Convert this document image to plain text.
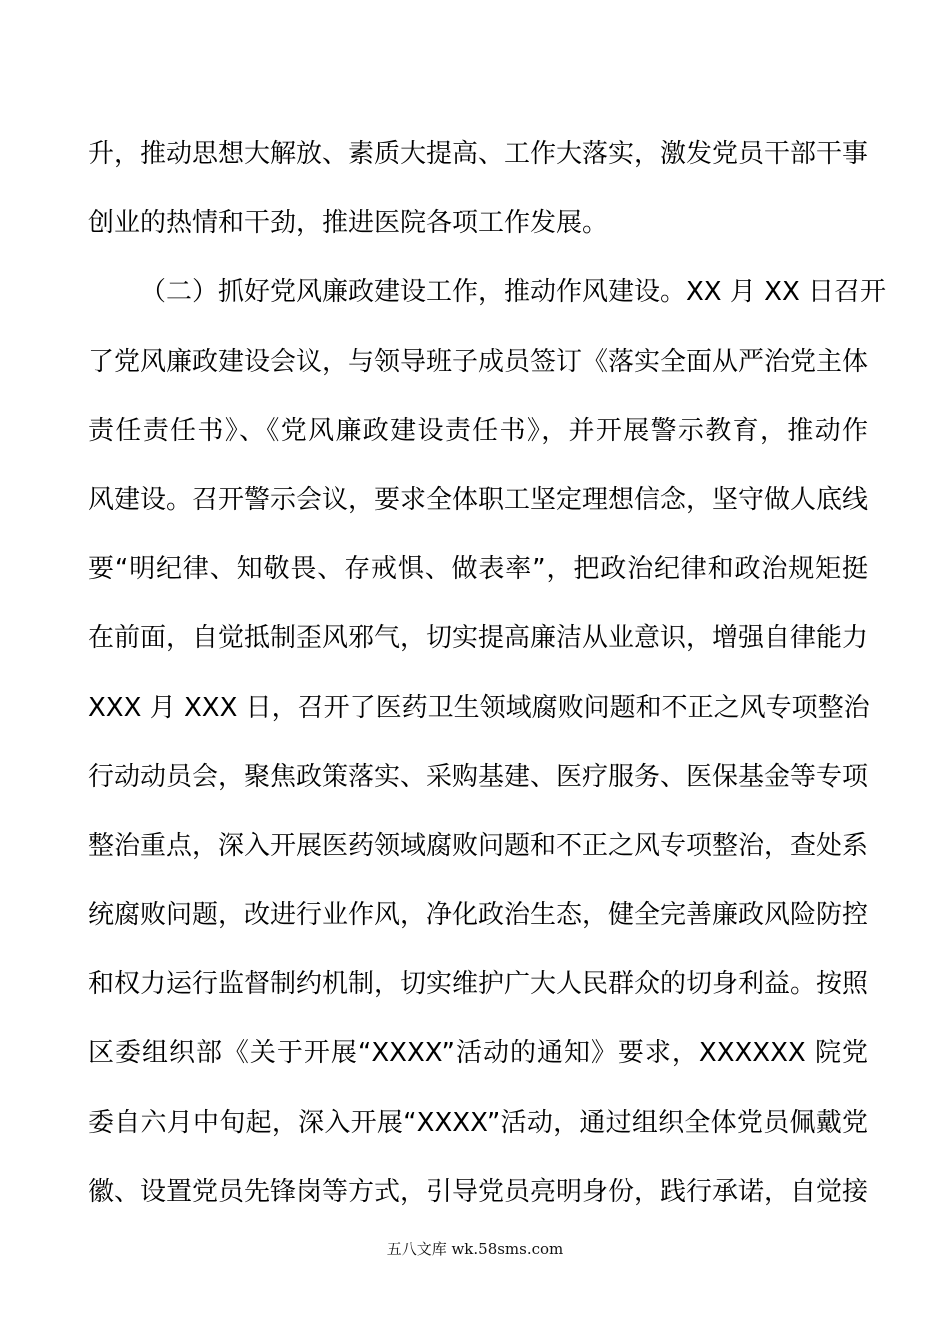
升，推动思想大解放、素质大提高、工作大落实，激发党员干部干事
创业的热情和干劲，推进医院各项工作发展。
（二）抓好党风廉政建设工作，推动作风建设。XX 月 XX 日召开
了党风廉政建设会议，与领导班子成员签订《落实全面从严治党主体
责任责任书》、《党风廉政建设责任书》，并开展警示教育，推动作
风建设。召开警示会议，要求全体职工坚定理想信念，坚守做人底线
要“明纪律、知敬畏、存戒惧、做表率”，把政治纪律和政治规矩挺
在前面，自觉抵制歪风邪气，切实提高廉洁从业意识，增强自律能力
XXX 月 XXX 日，召开了医药卫生领域腐败问题和不正之风专项整治
行动动员会，聚焦政策落实、采购基建、医疗服务、医保基金等专项
整治重点，深入开展医药领域腐败问题和不正之风专项整治，查处系
统腐败问题，改进行业作风，净化政治生态，健全完善廉政风险防控
和权力运行监督制约机制，切实维护广大人民群众的切身利益。按照
区委组织部《关于开展“XXXX”活动的通知》要求，XXXXXX 院党
委自六月中旬起，深入开展“XXXX”活动，通过组织全体党员佩戴党
徽、设置党员先锋岗等方式，引导党员亮明身份，践行承诺，自觉接
五八文库 wk.58sms.com
